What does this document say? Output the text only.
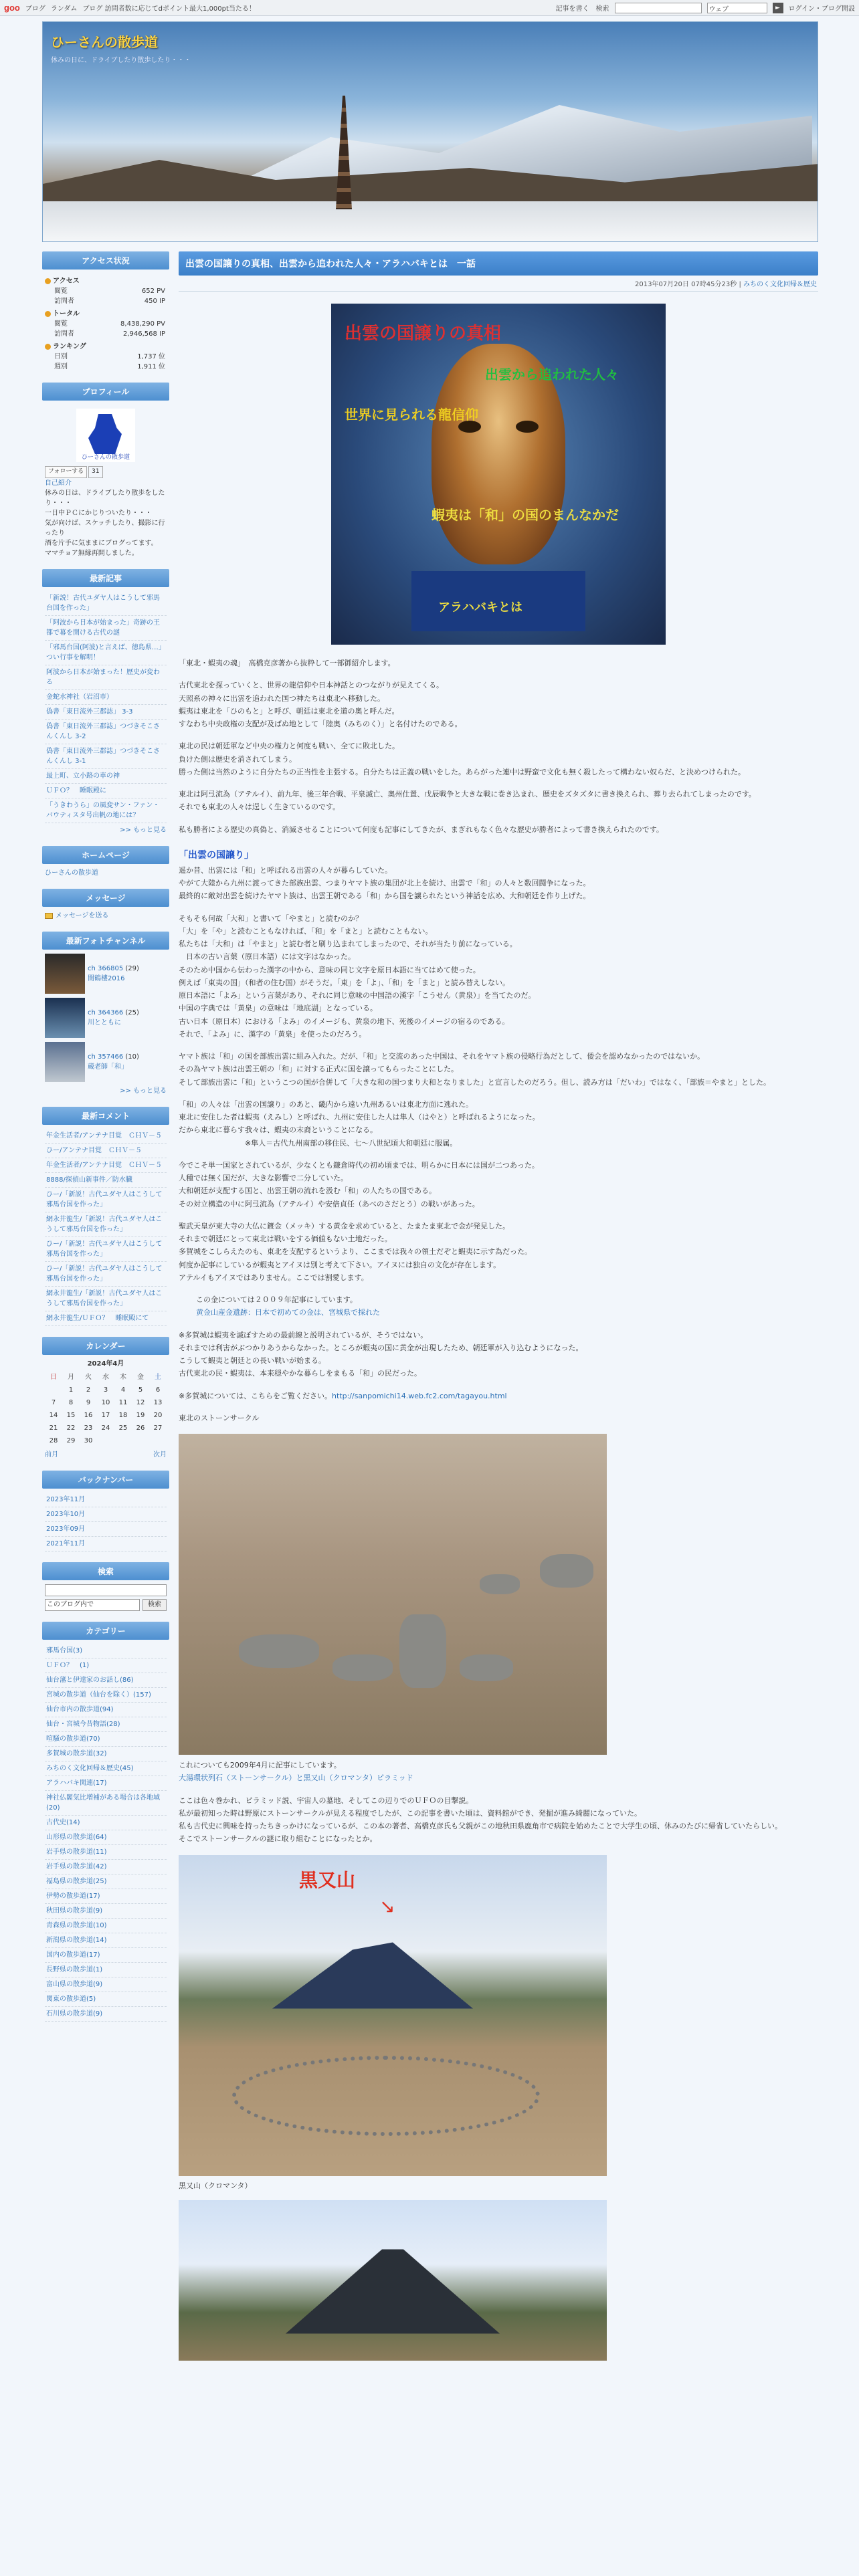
goo ブログ ランダム ブログ 訪問者数に応じてdポイント最大1,000pt当たる！	記事を書く　検索	ウェブ	►	ログイン・ブログ開設
ひーさんの散歩道
休みの日に、ドライブしたり散歩したり・・・
アクセス状況
アクセス
閲覧	652 PV
訪問者	450 IP
トータル
閲覧	8,438,290 PV
訪問者	2,946,568 IP
ランキング
日別	1,737 位
週別	1,911 位
プロフィール
ひーさんの散歩道
フォローする 31
自己紹介
休みの日は、ドライブしたり散歩をしたり・・・
一日中ＰＣにかじりついたり・・・
気が向けば、スケッチしたり、撮影に行ったり
酒を片手に気ままにブログってます。
ママチョア無縁再開しました。
最新記事
「新説！古代ユダヤ人はこうして邪馬台国を作った」
「阿波から日本が始まった」奇跡の王都で幕を開ける古代の謎
「邪馬台国(阿波)と言えば、徳島県…」つい行事を解明！
阿波から日本が始まった！歴史が変わる
金蛇水神社（岩沼市）
偽書「東日流外三郡誌」 3-3
偽書「東日流外三郡誌」つづきそこさんくんし 3-2
偽書「東日流外三郡誌」つづきそこさんくんし 3-1
最上町、立小路の車の神
ＵＦＯ？　睡眠殿に
「うきわうら」の風変サン・ファン・バウティスタ号出帆の地には？
>> もっと見る
ホームページ
ひーさんの散歩道
メッセージ
メッセージを送る
最新フォトチャンネル
ch 366805 (29)
闇鶴樓2016
ch 364366 (25)
川とともに
ch 357466 (10)
蔵老師「和」
>> もっと見る
最新コメント
年金生活者/アンテナ目覚　ＣＨＶ－５
ひー/アンテナ目覚　ＣＨＶ－５
年金生活者/アンテナ目覚　ＣＨＶ－５
8888/探偵山新事件／防水臓
ひー/「新説！古代ユダヤ人はこうして邪馬台国を作った」
網永井龍生/「新説！古代ユダヤ人はこうして邪馬台国を作った」
ひー/「新説！古代ユダヤ人はこうして邪馬台国を作った」
ひー/「新説！古代ユダヤ人はこうして邪馬台国を作った」
網永井龍生/「新説！古代ユダヤ人はこうして邪馬台国を作った」
網永井龍生/ＵＦＯ？　睡眠殿にて
カレンダー
2024年4月
日	月	火	水	木	金	土
	1	2	3	4	5	6
7	8	9	10	11	12	13
14	15	16	17	18	19	20
21	22	23	24	25	26	27
28	29	30				
前月	次月
バックナンバー
2023年11月
2023年10月
2023年09月
2021年11月
検索
このブログ内で	検索
カテゴリー
邪馬台国(3)
ＵＦＯ？　(1)
仙台藩と伊達家のお話し(86)
宮城の散歩道（仙台を除く）(157)
仙台市内の散歩道(94)
仙台・宮城今昔物語(28)
喧騒の散歩道(70)
多賀城の散歩道(32)
みちのく文化回帰＆歴史(45)
アラハバキ関連(17)
神社仏閣気比増補がある場合は各地域(20)
古代史(14)
山形県の散歩道(64)
岩手県の散歩道(11)
岩手県の散歩道(42)
福島県の散歩道(25)
伊勢の散歩道(17)
秋田県の散歩道(9)
青森県の散歩道(10)
新潟県の散歩道(14)
国内の散歩道(17)
長野県の散歩道(1)
富山県の散歩道(9)
関東の散歩道(5)
石川県の散歩道(9)
出雲の国譲りの真相、出雲から追われた人々・アラハバキとは　一話
2013年07月20日 07時45分23秒 | みちのく文化回帰＆歴史
出雲の国譲りの真相
出雲から追われた人々
世界に見られる龍信仰
蝦夷は「和」の国のまんなかだ
アラハバキとは

「東北・蝦夷の魂」　高橋克彦著から抜粋して一部御紹介します。

古代東北を探っていくと、世界の龍信仰や日本神話とのつながりが見えてくる。
天照系の神々に出雲を追われた国つ神たちは東北へ移動した。
蝦夷は東北を「ひのもと」と呼び、朝廷は東北を道の奥と呼んだ。
すなわち中央政権の支配が及ばぬ地として「陸奥（みちのく）」と名付けたのである。

東北の民は朝廷軍など中央の権力と何度も戦い、全てに敗北した。
負けた側は歴史を消されてしまう。
勝った側は当然のように自分たちの正当性を主張する。自分たちは正義の戦いをした。あらがった連中は野蛮で文化も無く殺したって構わない奴らだ、と決めつけられた。

東北は阿弖流為（アテルイ）、前九年、後三年合戦、平泉滅亡、奥州仕置、戊辰戦争と大きな戦に巻き込まれ、歴史をズタズタに書き換えられ、葬り去られてしまったのです。
それでも東北の人々は逞しく生きているのです。

私も勝者による歴史の真偽と、消滅させることについて何度も記事にしてきたが、まぎれもなく色々な歴史が勝者によって書き換えられたのです。

「出雲の国譲り」

遥か昔、出雲には「和」と呼ばれる出雲の人々が暮らしていた。
やがて大陸から九州に渡ってきた部族出雲、つまりヤマト族の集団が北上を続け、出雲で「和」の人々と数回闘争になった。
最終的に敵対出雲を続けたヤマト族は、出雲王朝である「和」から国を譲られたという神話を広め、大和朝廷を作り上げた。

そもそも何故「大和」と書いて「やまと」と読むのか？
「大」を「や」と読むこともなければ、「和」を「まと」と読むこともない。
私たちは「大和」は「やまと」と読む者と刷り込まれてしまったので、それが当たり前になっている。
　日本の古い言葉（原日本語）には文字はなかった。
そのため中国から伝わった漢字の中から、意味の同じ文字を原日本語に当てはめて使った。
例えば「東夷の国」（和者の住む国）がそうだ。「東」を「よ」、「和」を「まと」と読み替えしない。
原日本語に「よみ」という言葉があり、それに同じ意味の中国語の漢字「こうせん（黄泉）」を当てたのだ。
中国の字典では「黄泉」の意味は「地底湖」となっている。
古い日本（原日本）における「よみ」のイメージも、黄泉の地下、死後のイメージの宿るのである。
それで、「よみ」に、漢字の「黄泉」を使ったのだろう。

ヤマト族は「和」の国を部族出雲に組み入れた。だが、「和」と交流のあった中国は、それをヤマト族の侵略行為だとして、倭会を認めなかったのではないか。
その為ヤマト族は出雲王朝の「和」に対する正式に国を譲ってもらったことにした。
そして部族出雲に「和」というこつの国が合併して「大きな和の国つまり大和となりました」と宣言したのだろう。但し、読み方は「だいわ」ではなく、「部族＝やまと」とした。

「和」の人々は「出雲の国譲り」のあと、畿内から遠い九州あるいは東北方面に逃れた。
東北に安住した者は蝦夷（えみし）と呼ばれ、九州に安住した人は隼人（はやと）と呼ばれるようになった。
だから東北に暮らす我々は、蝦夷の末裔ということになる。
　　　　　　　　　※隼人＝古代九州南部の移住民、七～八世紀頃大和朝廷に服属。

今でこそ単一国家とされているが、少なくとも鎌倉時代の初め頃までは、明らかに日本には国が二つあった。
人種では無く国だが、大きな影響で二分していた。
大和朝廷が支配する国と、出雲王朝の流れを汲む「和」の人たちの国である。
その対立構造の中に阿弖流為（アテルイ）や安倍貞任（あべのさだとう）の戦いがあった。

聖武天皇が東大寺の大仏に鍍金（メッキ）する黄金を求めていると、たまたま東北で金が発見した。
それまで朝廷にとって東北は戦いをする価値もない土地だった。
多賀城をこしらえたのも、東北を支配するというより、ここまでは我々の領土だぞと蝦夷に示す為だった。
何度か記事にしているが蝦夷とアイヌは別と考えて下さい。アイヌには独自の文化が存在します。
アテルイもアイヌではありません。ここでは割愛します。

この金については２００９年記事にしています。
黄金山産金遺跡：日本で初めての金は、宮城県で採れた

※多賀城は蝦夷を滅ぼすための最前線と説明されているが、そうではない。
それまでは利害がぶつかりあうからなかった。ところが蝦夷の国に黄金が出現したため、朝廷軍が入り込むようになった。
こうして蝦夷と朝廷との長い戦いが始まる。
古代東北の民・蝦夷は、本来穏やかな暮らしをまもる「和」の民だった。

※多賀城については、こちらをご覧ください。http://sanpomichi14.web.fc2.com/tagayou.html

東北のストーンサークル

これについても2009年4月に記事にしています。
大湯環状列石（ストーンサークル）と黒又山（クロマンタ）ピラミッド

ここは色々巻かれ、ピラミッド説、宇宙人の墓地、そしてこの辺りでのＵＦＯの目撃説。
私が最初知った時は野原にストーンサークルが見える程度でしたが、この記事を書いた頃は、資料館ができ、発掘が進み綺麗になっていた。
私も古代史に興味を持ったちきっかけになっているが、この本の著者、高橋克彦氏も父親がこの地秋田県鹿角市で病院を始めたことで大学生の頃、休みのたびに帰省していたらしい。
そこでストーンサークルの謎に取り組むことになったとか。

黒又山
↘
黒又山（クロマンタ）
